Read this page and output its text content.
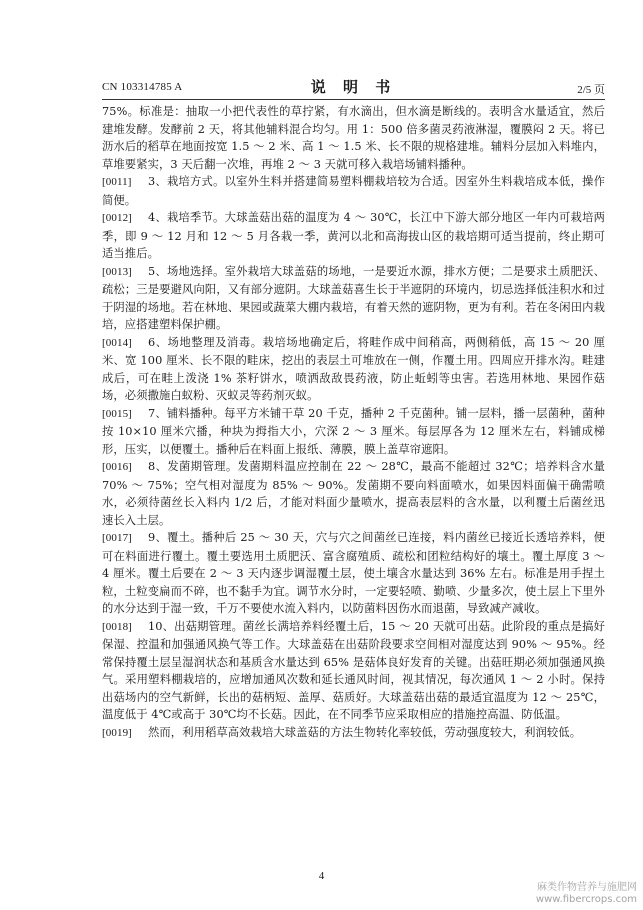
CN 103314785 A	说 明 书	2/5 页

75%。标准是：抽取一小把代表性的草拧紧，有水滴出，但水滴是断线的。表明含水量适宜，然后建堆发酵。发酵前 2 天，将其他辅料混合均匀。用 1：500 倍多菌灵药液淋湿，覆膜闷 2 天。将已沥水后的稻草在地面按宽 1.5 ～ 2 米、高 1 ～ 1.5 米、长不限的规格建堆。辅料分层加入料堆内，草堆要紧实，3 天后翻一次堆，再堆 2 ～ 3 天就可移入栽培场铺料播种。

[0011] 3、栽培方式。以室外生料并搭建简易塑料棚栽培较为合适。因室外生料栽培成本低，操作简便。

[0012] 4、栽培季节。大球盖菇出菇的温度为 4 ～ 30℃，长江中下游大部分地区一年内可栽培两季，即 9 ～ 12 月和 12 ～ 5 月各栽一季，黄河以北和高海拔山区的栽培期可适当提前，终止期可适当推后。

[0013] 5、场地选择。室外栽培大球盖菇的场地，一是要近水源，排水方便；二是要求土质肥沃、疏松；三是要避风向阳，又有部分遮阴。大球盖菇喜生长于半遮阴的环境内，切忌选择低洼积水和过于阴湿的场地。若在林地、果园或蔬菜大棚内栽培，有着天然的遮阴物，更为有利。若在冬闲田内栽培，应搭建塑料保护棚。

[0014] 6、场地整理及消毒。栽培场地确定后，将畦作成中间稍高，两侧稍低，高 15 ～ 20 厘米、宽 100 厘米、长不限的畦床，挖出的表层土可堆放在一侧，作覆土用。四周应开排水沟。畦建成后，可在畦上泼浇 1% 茶籽饼水，喷洒敌敌畏药液，防止蚯蚓等虫害。若选用林地、果园作菇场，必须撒施白蚁粉、灭蚁灵等药剂灭蚁。

[0015] 7、铺料播种。每平方米铺干草 20 千克，播种 2 千克菌种。铺一层料，播一层菌种，菌种按 10×10 厘米穴播，种块为拇指大小，穴深 2 ～ 3 厘米。每层厚各为 12 厘米左右，料铺成梯形，压实，以便覆土。播种后在料面上报纸、薄膜，膜上盖草帘遮阳。

[0016] 8、发菌期管理。发菌期料温应控制在 22 ～ 28℃，最高不能超过 32℃；培养料含水量 70% ～ 75%；空气相对湿度为 85% ～ 90%。发菌期不要向料面喷水，如果因料面偏干确需喷水，必须待菌丝长入料内 1/2 后，才能对料面少量喷水，提高表层料的含水量，以利覆土后菌丝迅速长入土层。

[0017] 9、覆土。播种后 25 ～ 30 天，穴与穴之间菌丝已连接，料内菌丝已接近长透培养料，便可在料面进行覆土。覆土要选用土质肥沃、富含腐殖质、疏松和团粒结构好的壤土。覆土厚度 3 ～ 4 厘米。覆土后要在 2 ～ 3 天内逐步调湿覆土层，使土壤含水量达到 36% 左右。标准是用手捏土粒，土粒变扁而不碎，也不黏手为宜。调节水分时，一定要轻喷、勤喷、少量多次，使土层上下里外的水分达到于湿一致，千万不要使水流入料内，以防菌料因伤水而退菌，导致减产减收。

[0018] 10、出菇期管理。菌丝长满培养料经覆土后，15 ～ 20 天就可出菇。此阶段的重点是搞好保湿、控温和加强通风换气等工作。大球盖菇在出菇阶段要求空间相对湿度达到 90% ～ 95%。经常保持覆土层呈湿润状态和基质含水量达到 65% 是菇体良好发育的关键。出菇旺期必须加强通风换气。采用塑料棚栽培的，应增加通风次数和延长通风时间，视其情况，每次通风 1 ～ 2 小时。保持出菇场内的空气新鲜，长出的菇柄短、盖厚、菇质好。大球盖菇出菇的最适宜温度为 12 ～ 25℃，温度低于 4℃或高于 30℃均不长菇。因此，在不同季节应采取相应的措施控高温、防低温。

[0019] 然而，利用稻草高效栽培大球盖菇的方法生物转化率较低，劳动强度较大，利润较低。

4
麻类作物营养与施肥网
www.fibercrops.com
